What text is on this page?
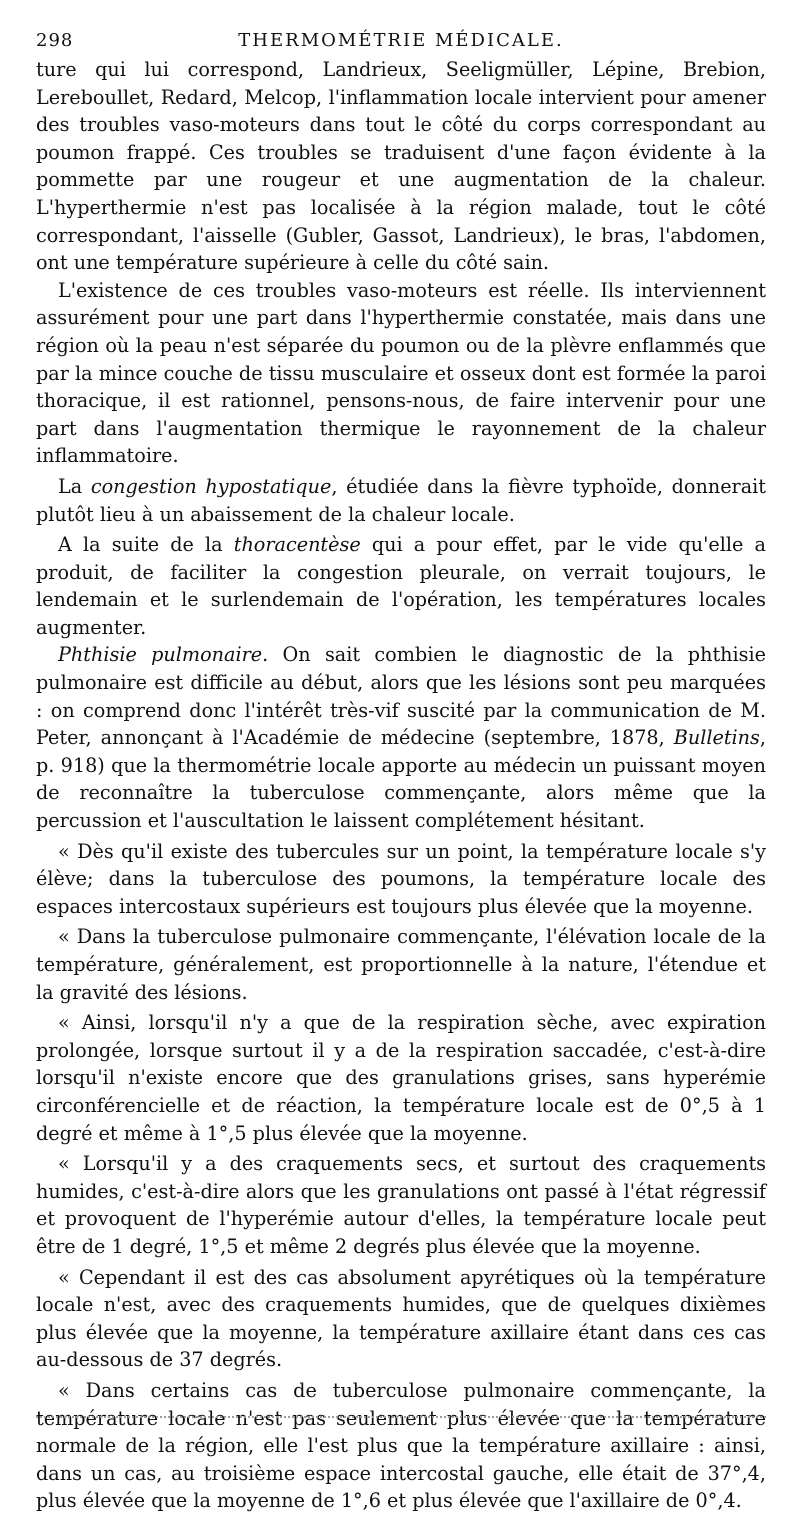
298	THERMOMÉTRIE MÉDICALE.

ture qui lui correspond, Landrieux, Seeligmüller, Lépine, Brebion, Lereboullet, Redard, Melcop, l'inflammation locale intervient pour amener des troubles vaso-moteurs dans tout le côté du corps correspondant au poumon frappé. Ces troubles se traduisent d'une façon évidente à la pommette par une rougeur et une augmentation de la chaleur. L'hyperthermie n'est pas localisée à la région malade, tout le côté correspondant, l'aisselle (Gubler, Gassot, Landrieux), le bras, l'abdomen, ont une température supérieure à celle du côté sain.

L'existence de ces troubles vaso-moteurs est réelle. Ils interviennent assurément pour une part dans l'hyperthermie constatée, mais dans une région où la peau n'est séparée du poumon ou de la plèvre enflammés que par la mince couche de tissu musculaire et osseux dont est formée la paroi thoracique, il est rationnel, pensons-nous, de faire intervenir pour une part dans l'augmentation thermique le rayonnement de la chaleur inflammatoire.

La congestion hypostatique, étudiée dans la fièvre typhoïde, donnerait plutôt lieu à un abaissement de la chaleur locale.

A la suite de la thoracentèse qui a pour effet, par le vide qu'elle a produit, de faciliter la congestion pleurale, on verrait toujours, le lendemain et le surlendemain de l'opération, les températures locales augmenter.

Phthisie pulmonaire. On sait combien le diagnostic de la phthisie pulmonaire est difficile au début, alors que les lésions sont peu marquées : on comprend donc l'intérêt très-vif suscité par la communication de M. Peter, annonçant à l'Académie de médecine (septembre, 1878, Bulletins, p. 918) que la thermométrie locale apporte au médecin un puissant moyen de reconnaître la tuberculose commençante, alors même que la percussion et l'auscultation le laissent complétement hésitant.

« Dès qu'il existe des tubercules sur un point, la température locale s'y élève; dans la tuberculose des poumons, la température locale des espaces intercostaux supérieurs est toujours plus élevée que la moyenne.

« Dans la tuberculose pulmonaire commençante, l'élévation locale de la température, généralement, est proportionnelle à la nature, l'étendue et la gravité des lésions.

« Ainsi, lorsqu'il n'y a que de la respiration sèche, avec expiration prolongée, lorsque surtout il y a de la respiration saccadée, c'est-à-dire lorsqu'il n'existe encore que des granulations grises, sans hyperémie circonférencielle et de réaction, la température locale est de 0°,5 à 1 degré et même à 1°,5 plus élevée que la moyenne.

« Lorsqu'il y a des craquements secs, et surtout des craquements humides, c'est-à-dire alors que les granulations ont passé à l'état régressif et provoquent de l'hyperémie autour d'elles, la température locale peut être de 1 degré, 1°,5 et même 2 degrés plus élevée que la moyenne.

« Cependant il est des cas absolument apyrétiques où la température locale n'est, avec des craquements humides, que de quelques dixièmes plus élevée que la moyenne, la température axillaire étant dans ces cas au-dessous de 37 degrés.

« Dans certains cas de tuberculose pulmonaire commençante, la température locale n'est pas seulement plus élevée que la température normale de la région, elle l'est plus que la température axillaire : ainsi, dans un cas, au troisième espace intercostal gauche, elle était de 37°,4, plus élevée que la moyenne de 1°,6 et plus élevée que l'axillaire de 0°,4.
